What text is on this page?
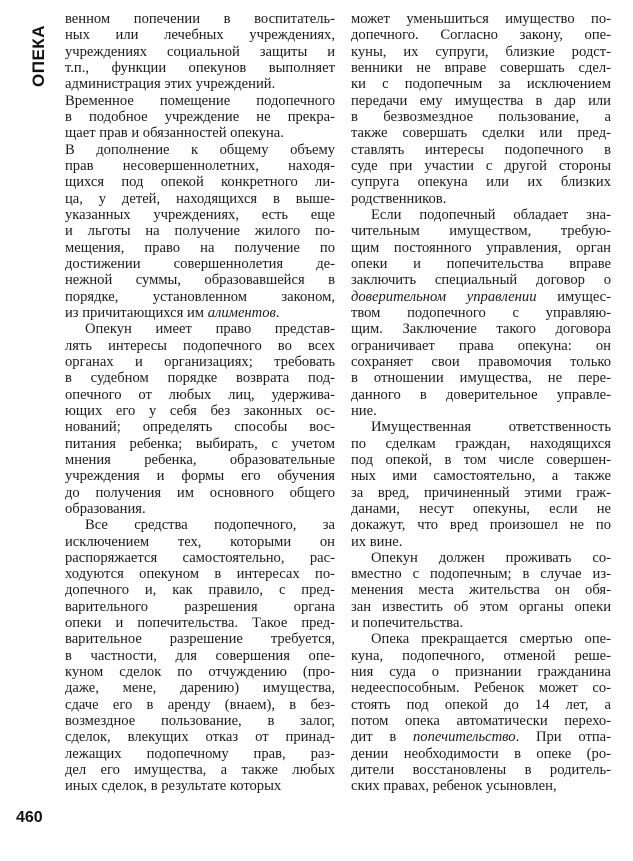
ОПЕКА
460
венном попечении в воспитатель-
ных или лечебных учреждениях,
учреждениях социальной защиты и
т.п., функции опекунов выполняет
администрация этих учреждений.
Временное помещение подопечного
в подобное учреждение не прекра-
щает прав и обязанностей опекуна.
В дополнение к общему объему
прав несовершеннолетних, находя-
щихся под опекой конкретного ли-
ца, у детей, находящихся в выше-
указанных учреждениях, есть еще
и льготы на получение жилого по-
мещения, право на получение по
достижении совершеннолетия де-
нежной суммы, образовавшейся в
порядке, установленном законом,
из причитающихся им алиментов.
Опекун имеет право представ-
лять интересы подопечного во всех
органах и организациях; требовать
в судебном порядке возврата под-
опечного от любых лиц, удержива-
ющих его у себя без законных ос-
нований; определять способы вос-
питания ребенка; выбирать, с учетом
мнения ребенка, образовательные
учреждения и формы его обучения
до получения им основного общего
образования.
Все средства подопечного, за
исключением тех, которыми он
распоряжается самостоятельно, рас-
ходуются опекуном в интересах по-
допечного и, как правило, с пред-
варительного разрешения органа
опеки и попечительства. Такое пред-
варительное разрешение требуется,
в частности, для совершения опе-
куном сделок по отчуждению (про-
даже, мене, дарению) имущества,
сдаче его в аренду (внаем), в без-
возмездное пользование, в залог,
сделок, влекущих отказ от принад-
лежащих подопечному прав, раз-
дел его имущества, а также любых
иных сделок, в результате которых
может уменьшиться имущество по-
допечного. Согласно закону, опе-
куны, их супруги, близкие родст-
венники не вправе совершать сдел-
ки с подопечным за исключением
передачи ему имущества в дар или
в безвозмездное пользование, а
также совершать сделки или пред-
ставлять интересы подопечного в
суде при участии с другой стороны
супруга опекуна или их близких
родственников.
Если подопечный обладает зна-
чительным имуществом, требую-
щим постоянного управления, орган
опеки и попечительства вправе
заключить специальный договор о
доверительном управлении имущес-
твом подопечного с управляю-
щим. Заключение такого договора
ограничивает права опекуна: он
сохраняет свои правомочия только
в отношении имущества, не пере-
данного в доверительное управле-
ние.
Имущественная ответственность
по сделкам граждан, находящихся
под опекой, в том числе совершен-
ных ими самостоятельно, а также
за вред, причиненный этими граж-
данами, несут опекуны, если не
докажут, что вред произошел не по
их вине.
Опекун должен проживать со-
вместно с подопечным; в случае из-
менения места жительства он обя-
зан известить об этом органы опеки
и попечительства.
Опека прекращается смертью опе-
куна, подопечного, отменой реше-
ния суда о признании гражданина
недееспособным. Ребенок может со-
стоять под опекой до 14 лет, а
потом опека автоматически перехо-
дит в попечительство. При отпа-
дении необходимости в опеке (ро-
дители восстановлены в родитель-
ских правах, ребенок усыновлен,
